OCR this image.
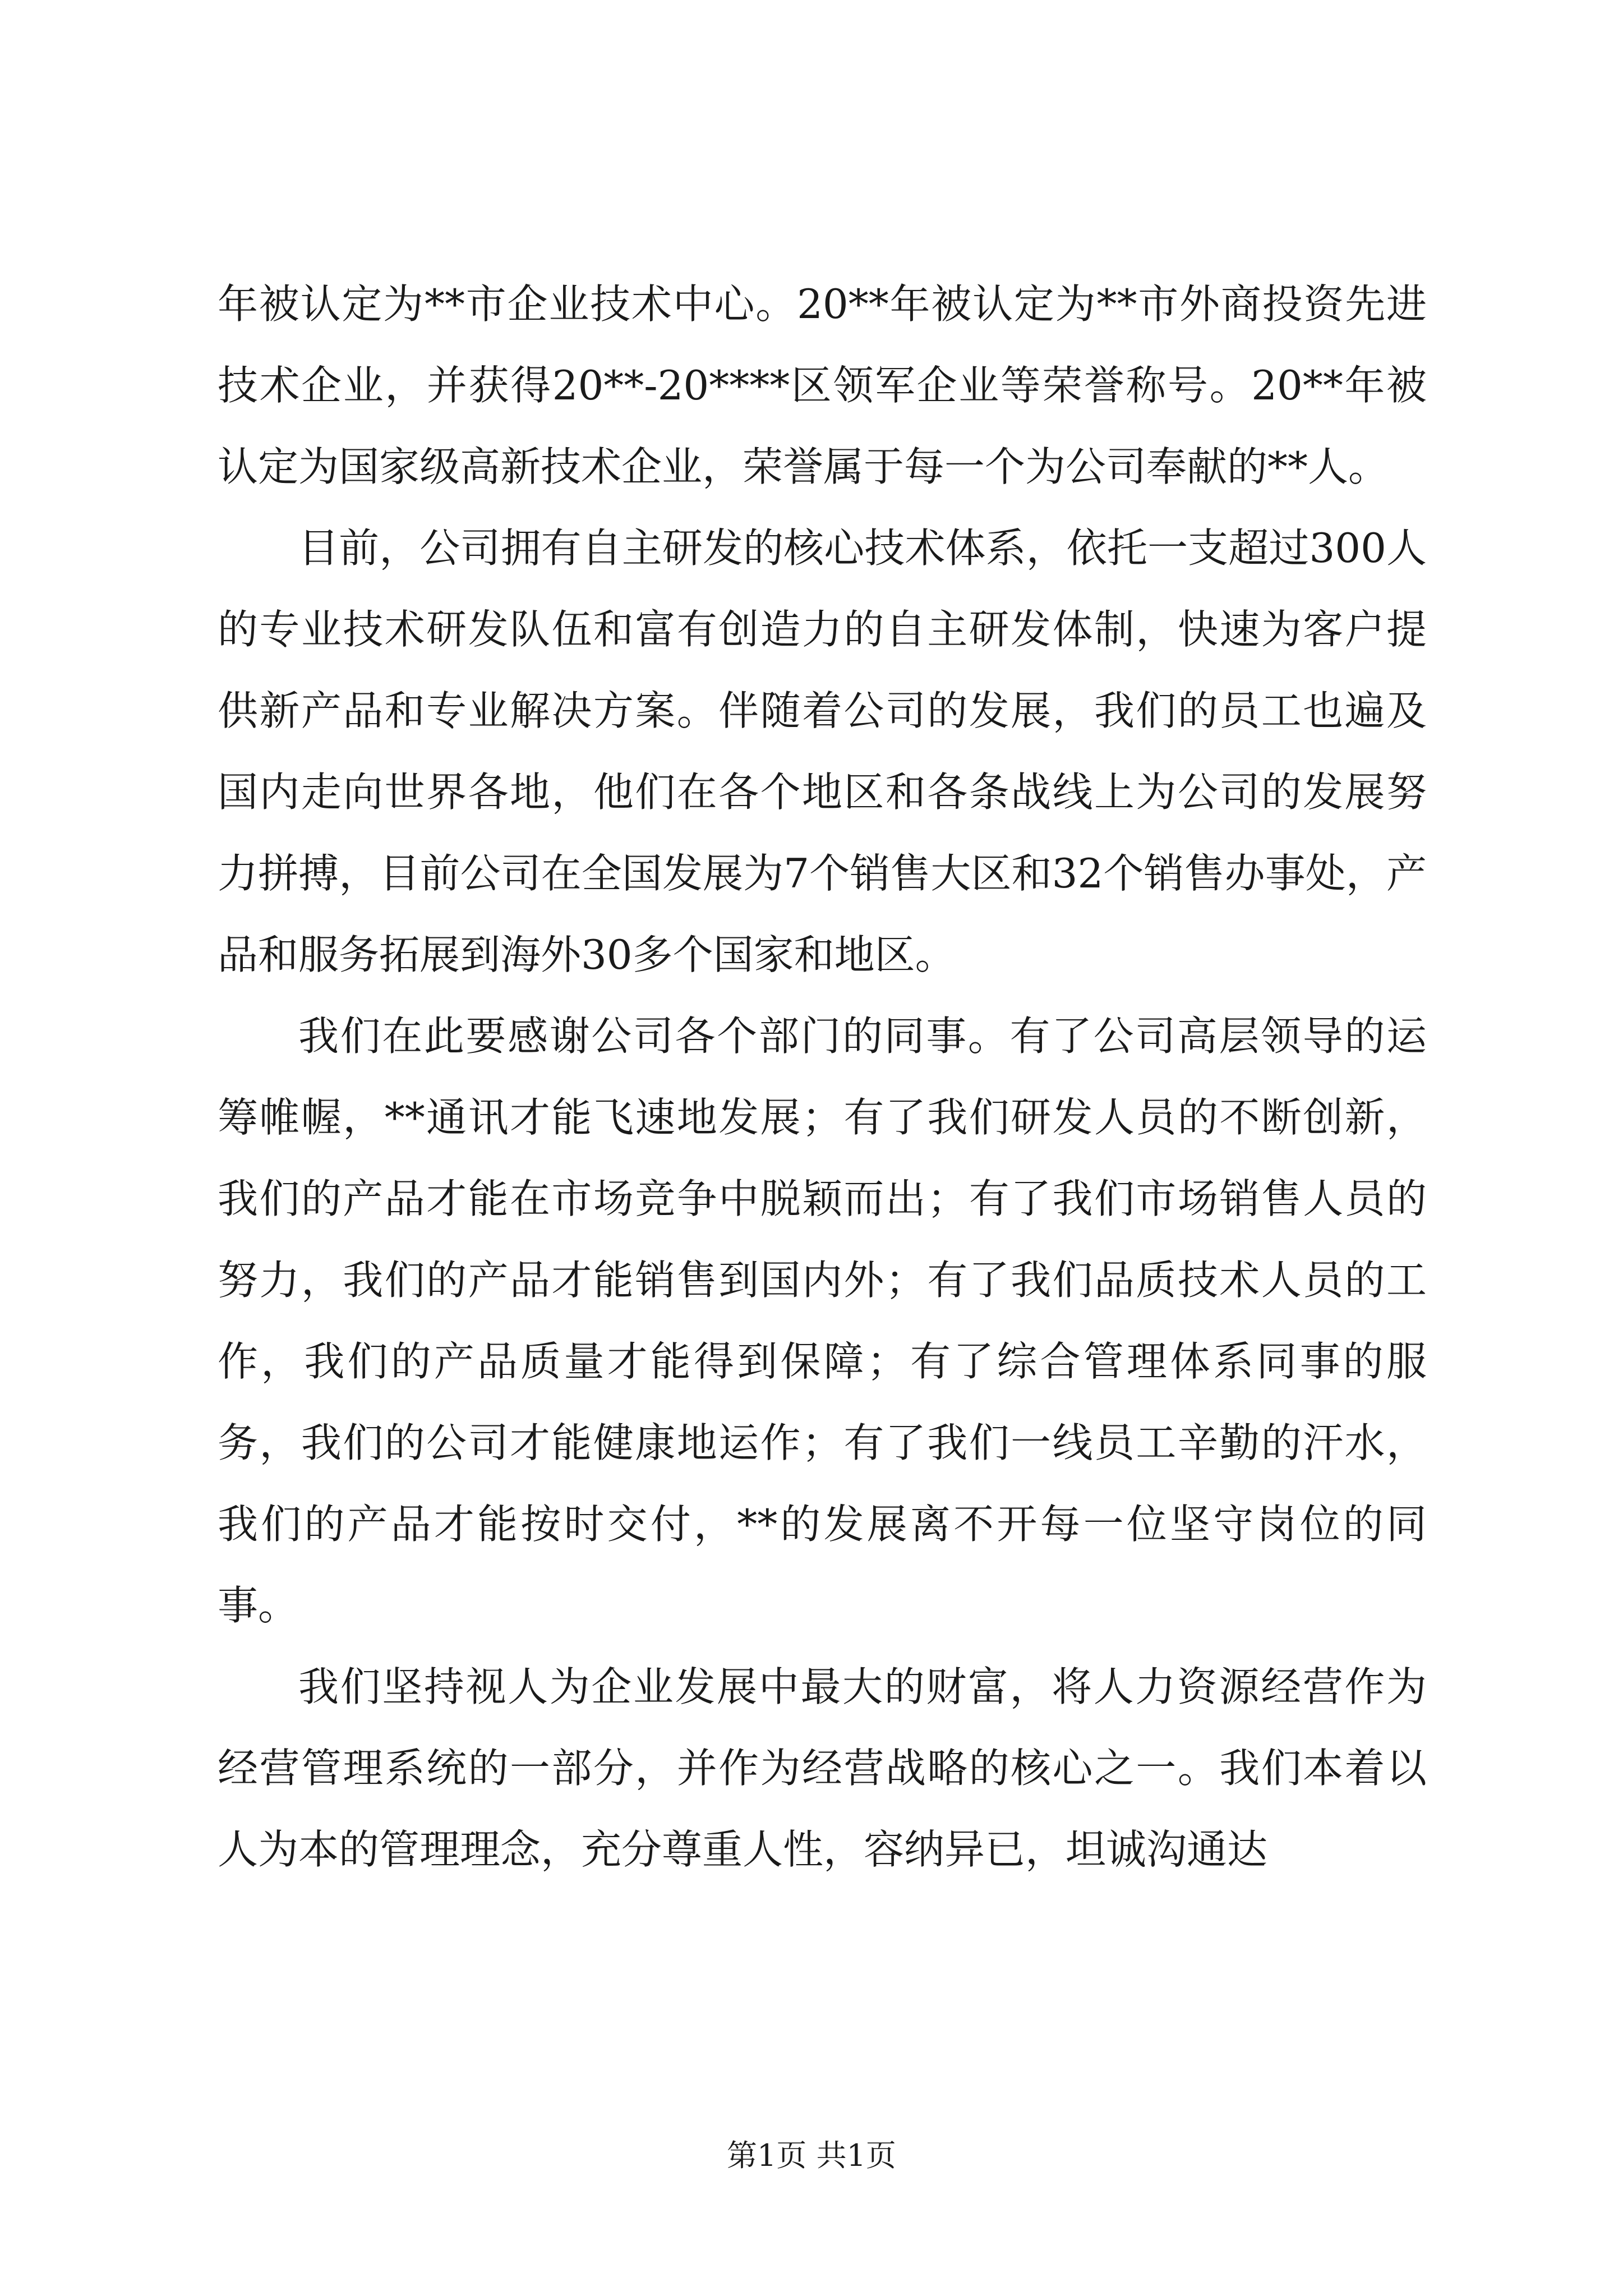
年被认定为**市企业技术中心。20**年被认定为**市外商投资先进技术企业，并获得20**-20****区领军企业等荣誉称号。20**年被认定为国家级高新技术企业，荣誉属于每一个为公司奉献的**人。

目前，公司拥有自主研发的核心技术体系，依托一支超过300人的专业技术研发队伍和富有创造力的自主研发体制，快速为客户提供新产品和专业解决方案。伴随着公司的发展，我们的员工也遍及国内走向世界各地，他们在各个地区和各条战线上为公司的发展努力拼搏，目前公司在全国发展为7个销售大区和32个销售办事处，产品和服务拓展到海外30多个国家和地区。

我们在此要感谢公司各个部门的同事。有了公司高层领导的运筹帷幄，**通讯才能飞速地发展；有了我们研发人员的不断创新，我们的产品才能在市场竞争中脱颖而出；有了我们市场销售人员的努力，我们的产品才能销售到国内外；有了我们品质技术人员的工作，我们的产品质量才能得到保障；有了综合管理体系同事的服务，我们的公司才能健康地运作；有了我们一线员工辛勤的汗水，我们的产品才能按时交付，**的发展离不开每一位坚守岗位的同事。

我们坚持视人为企业发展中最大的财富，将人力资源经营作为经营管理系统的一部分，并作为经营战略的核心之一。我们本着以人为本的管理理念，充分尊重人性，容纳异已，坦诚沟通达

第1页 共1页
